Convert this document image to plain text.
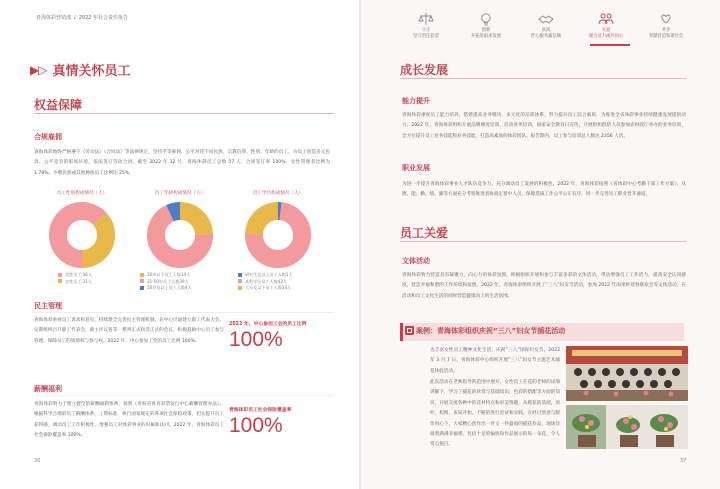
青海体彩营销部 / 2022 年社会责任报告
▶▷ 真情关怀员工
权益保障
合规雇佣
青海体彩始终严格遵守《劳动法》《合同法》等法律规定，坚持平等雇佣，公平对待不同民族、宗教信仰、性别、年龄的员工，为员工创造多元包容、公平竞争的职场环境，依法签订劳动合同。截至 2022 年 12 月，青海体彩员工总数 57 人，合同签订率 100%，女性管理者比例为 1.78%，少数民族或其他种族员工比例达 25%。
员工性别构成情况（人）	员工年龄构成情况（人）	员工学历构成情况（人）
男性员工 36人
女性员工 21人
30岁以下员工人数14人
31-50岁员工人数39人
50岁及以上员工人数4人
研究生及以上员工人数1人
本科学历员工人数42人
大专及以下员工人数14人
民主管理
青海体彩重视员工诉求和意见，持续建全完善民主管理机制。在中心层面建立职工代表大会，定期组织召开职工代表会，就主评议各等一系列正式和非正式的会议，积极鼓励中心员工参与管理，保障员工的知情权与参与权。2022 年，中心参加工会的员工比例 100%。
2022 年，中心参加工会的员工比例
100%
薪酬福利
青海体彩致力于建立健全的薪酬福利体系，按照《青海省体育彩票发行中心薪酬管理办法》，根据科学合理的员工薪酬体系，工资标准、执行国家规定的各项社会保险政策，切实提升员工获得感，调动员工工作积极性，增强员工对体彩事业的归属和认同。2022 年，青海体彩员工社会保险覆盖率 100%。
青海体彩员工社会保险覆盖率
100%
36
守正
坚守责任彩票
创新
开拓进取求发展
真诚
匠心服务赢信赖
关爱
聚合员力画共同心
共享
奉献营造和谐社会
成长发展
能力提升
青海体彩重视员工能力培养，搭建提高业务模块、多元化的培训体系，努力提升员工综合素质，为推进全省体彩事业持续健康发展提供动力。2022 年，青海体彩组织开展品牌刚度培训，启动业务培训，国家安全教育日宣传，开展组织群防人员参加省财政厅举办的业务培训，全方位提升员工业务技能和业务技能，打造高素质的体彩团队。报告期内，员工参与培训总人数达 2356 人次。
职业发展
为进一步提升青海体彩事业人才队伍竞争力，充分调动员工发展的积极性，2022 年，青海体彩按照《省体彩中心考勤干部工作方案》，从德、能、勤、绩、廉等方面充分考察推进者协商定着中人员，保障选拔工作公平公正有序，进一步完善员工职业晋升通道。
员工关爱
文体活动
青海体彩致力营造具有凝聚力、向心力的体彩氛围，积极组织开展和参与丰富多彩的文体活动，带动增强员工工作活力，提高安全认同感度，营造幸福和谐的工作环境和氛围。2022 年，青海体彩组织开展了“三八”妇女节活动，参加 2022 年雨果杯迎春联欢会等文体活动，在活动和员工文化生活的同时营造健康向上的生活氛围。
案例：青海体彩组织庆祝“三八”妇女节插花活动
为丰富女性员工精神文化生活，庆祝“三八”国际妇女节，2022 年 3 月 7 日，青海体彩中心组织开展“三八”妇女节主题艺术插花体验活动。
此次活动在老师指导的范围中展开，女性员工在花的老师的详细讲解下，学习了插花的欣赏与基础知识，色彩的搭配等方面的知识，开展交流各种中的花材特点和审美情趣，从模花的基础，剪叶，构图，布局开始，不断的进行尝试和实践，在经过创意与制作用心下，大家精心创作出一件又一件盛放的插花作品，现场洋溢着满满幸福感，包括十足的愉快和作品展示的每一朵花，令人赏心悦目。
37
